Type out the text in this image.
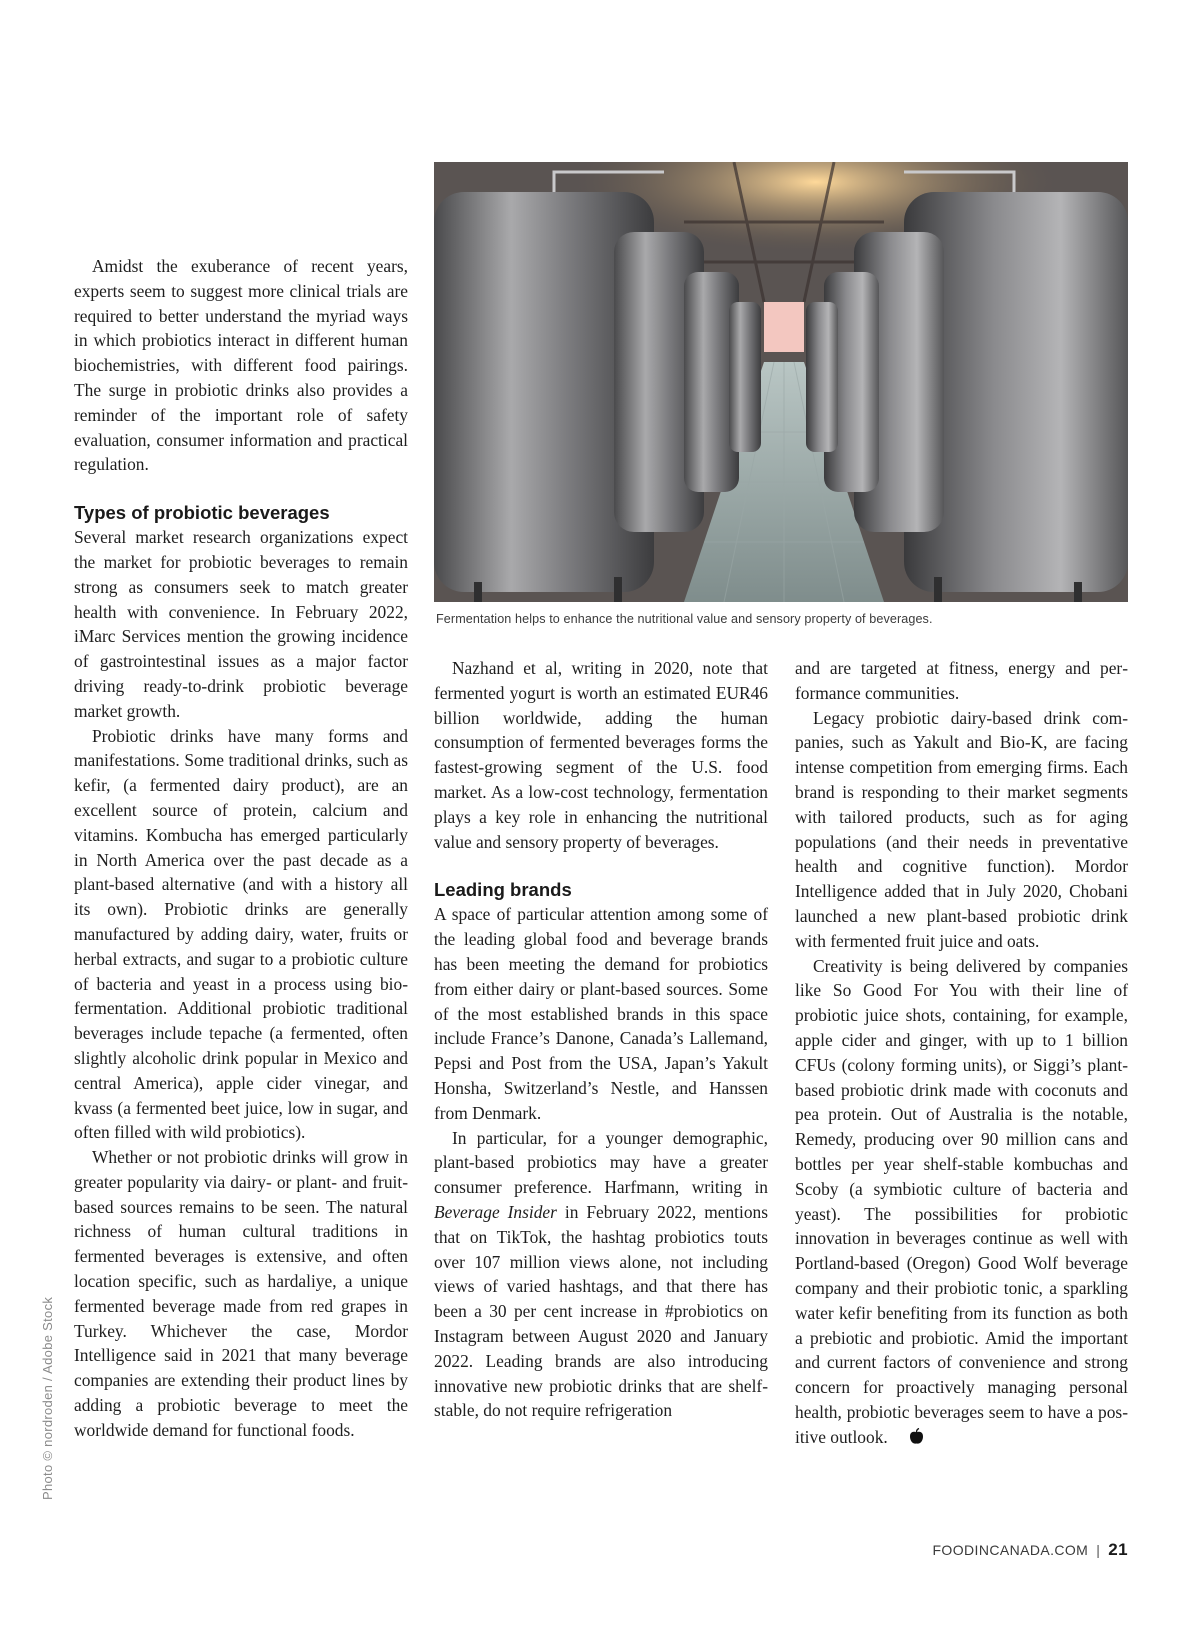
Amidst the exuberance of recent years, experts seem to suggest more clinical trials are required to better understand the myriad ways in which probiotics interact in different human biochemistries, with different food pairings. The surge in probiotic drinks also provides a reminder of the important role of safety evaluation, consumer information and practical regulation.

Types of probiotic beverages

Several market research organizations expect the market for probiotic beverages to remain strong as consumers seek to match greater health with convenience. In February 2022, iMarc Services mention the growing incidence of gastrointestinal issues as a major factor driving ready-to-drink probiotic beverage market growth.

Probiotic drinks have many forms and manifestations. Some traditional drinks, such as kefir, (a fermented dairy product), are an excellent source of protein, calcium and vitamins. Kombucha has emerged particularly in North America over the past decade as a plant-based alternative (and with a history all its own). Probiotic drinks are generally manufactured by adding dairy, water, fruits or herbal extracts, and sugar to a probiotic culture of bacteria and yeast in a process using bio-fermentation. Additional probiotic traditional beverages include tepache (a fermented, often slightly alcoholic drink popular in Mexico and central America), apple cider vinegar, and kvass (a fermented beet juice, low in sugar, and often filled with wild probiotics).

Whether or not probiotic drinks will grow in greater popularity via dairy- or plant- and fruit- based sources remains to be seen. The natural richness of human cultural traditions in fermented beverages is extensive, and often location specific, such as hardaliye, a unique fermented beverage made from red grapes in Turkey. Whichever the case, Mordor Intelligence said in 2021 that many beverage companies are extending their product lines by adding a probiotic beverage to meet the worldwide demand for functional foods.

Fermentation helps to enhance the nutritional value and sensory property of beverages.

Nazhand et al, writing in 2020, note that fermented yogurt is worth an estimated EUR46 billion worldwide, adding the human consumption of fermented beverages forms the fastest-growing segment of the U.S. food market. As a low-cost technology, fermentation plays a key role in enhancing the nutritional value and sensory property of beverages.

Leading brands

A space of particular attention among some of the leading global food and beverage brands has been meeting the demand for probiotics from either dairy or plant-based sources. Some of the most established brands in this space include France’s Danone, Canada’s Lallemand, Pepsi and Post from the USA, Japan’s Yakult Honsha, Switzerland’s Nestle, and Hanssen from Denmark.

In particular, for a younger demographic, plant-based probiotics may have a greater consumer preference. Harfmann, writing in Beverage Insider in February 2022, mentions that on TikTok, the hashtag probiotics touts over 107 million views alone, not including views of varied hashtags, and that there has been a 30 per cent increase in #probiotics on Instagram between August 2020 and January 2022. Leading brands are also introducing innovative new probiotic drinks that are shelf-stable, do not require refrigeration

and are targeted at fitness, energy and performance communities.

Legacy probiotic dairy-based drink companies, such as Yakult and Bio-K, are facing intense competition from emerging firms. Each brand is responding to their market segments with tailored products, such as for aging populations (and their needs in preventative health and cognitive function). Mordor Intelligence added that in July 2020, Chobani launched a new plant-based probiotic drink with fermented fruit juice and oats.

Creativity is being delivered by companies like So Good For You with their line of probiotic juice shots, containing, for example, apple cider and ginger, with up to 1 billion CFUs (colony forming units), or Siggi’s plant-based probiotic drink made with coconuts and pea protein. Out of Australia is the notable, Remedy, producing over 90 million cans and bottles per year shelf-stable kombuchas and Scoby (a symbiotic culture of bacteria and yeast). The possibilities for probiotic innovation in beverages continue as well with Portland-based (Oregon) Good Wolf beverage company and their probiotic tonic, a sparkling water kefir benefiting from its function as both a prebiotic and probiotic. Amid the important and current factors of convenience and strong concern for proactively managing personal health, probiotic beverages seem to have a positive outlook.

Photo © nordroden / Adobe Stock
FOODINCANADA.COM | 21
